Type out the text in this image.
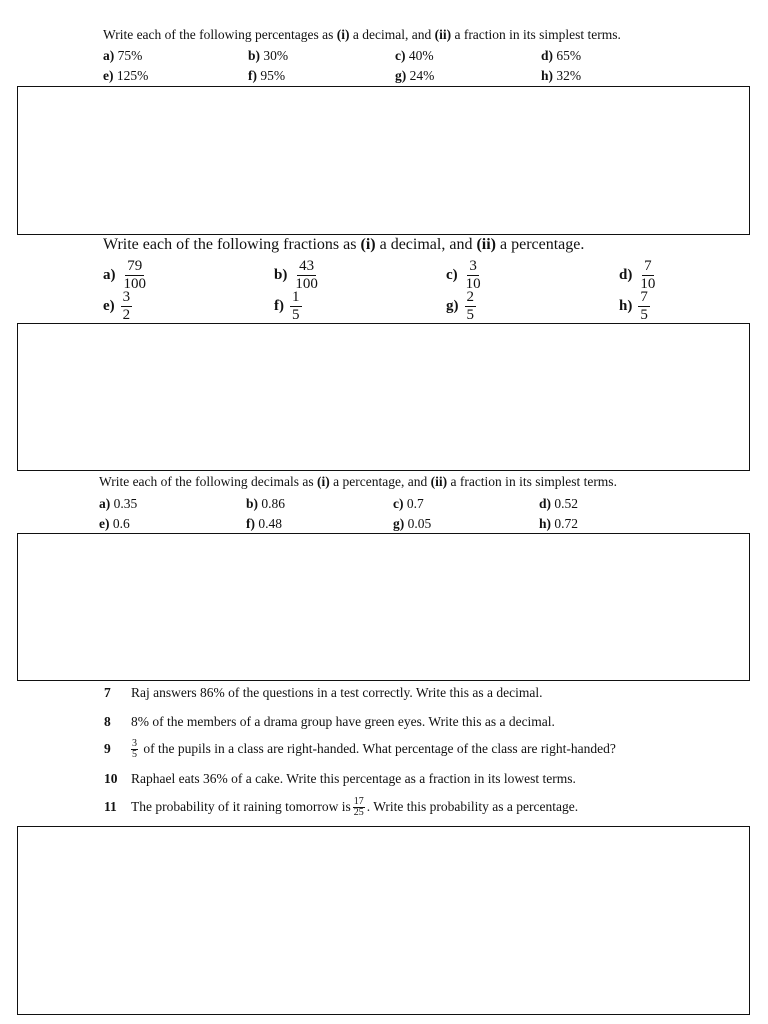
Write each of the following percentages as (i) a decimal, and (ii) a fraction in its simplest terms.
a) 75%	b) 30%	c) 40%	d) 65%
e) 125%	f) 95%	g) 24%	h) 32%
Write each of the following fractions as (i) a decimal, and (ii) a percentage.
$a) \frac{79}{100}$	$b) \frac{43}{100}$	$c) \frac{3}{10}$	$d) \frac{7}{10}$
$e) \frac{3}{2}$	$f) \frac{1}{5}$	$g) \frac{2}{5}$	$h) \frac{7}{5}$
Write each of the following decimals as (i) a percentage, and (ii) a fraction in its simplest terms.
a) 0.35	b) 0.86	c) 0.7	d) 0.52
e) 0.6	f) 0.48	g) 0.05	h) 0.72
7	Raj answers 86% of the questions in a test correctly. Write this as a decimal.
8	8% of the members of a drama group have green eyes. Write this as a decimal.
9	$\frac{3}{5}$
of the pupils in a class are right-handed. What percentage of the class are right-handed?
10	Raphael eats 36% of a cake. Write this percentage as a fraction in its lowest terms.
11	The probability of it raining tomorrow is $\frac{17}{25}$ . Write this probability as a percentage.
